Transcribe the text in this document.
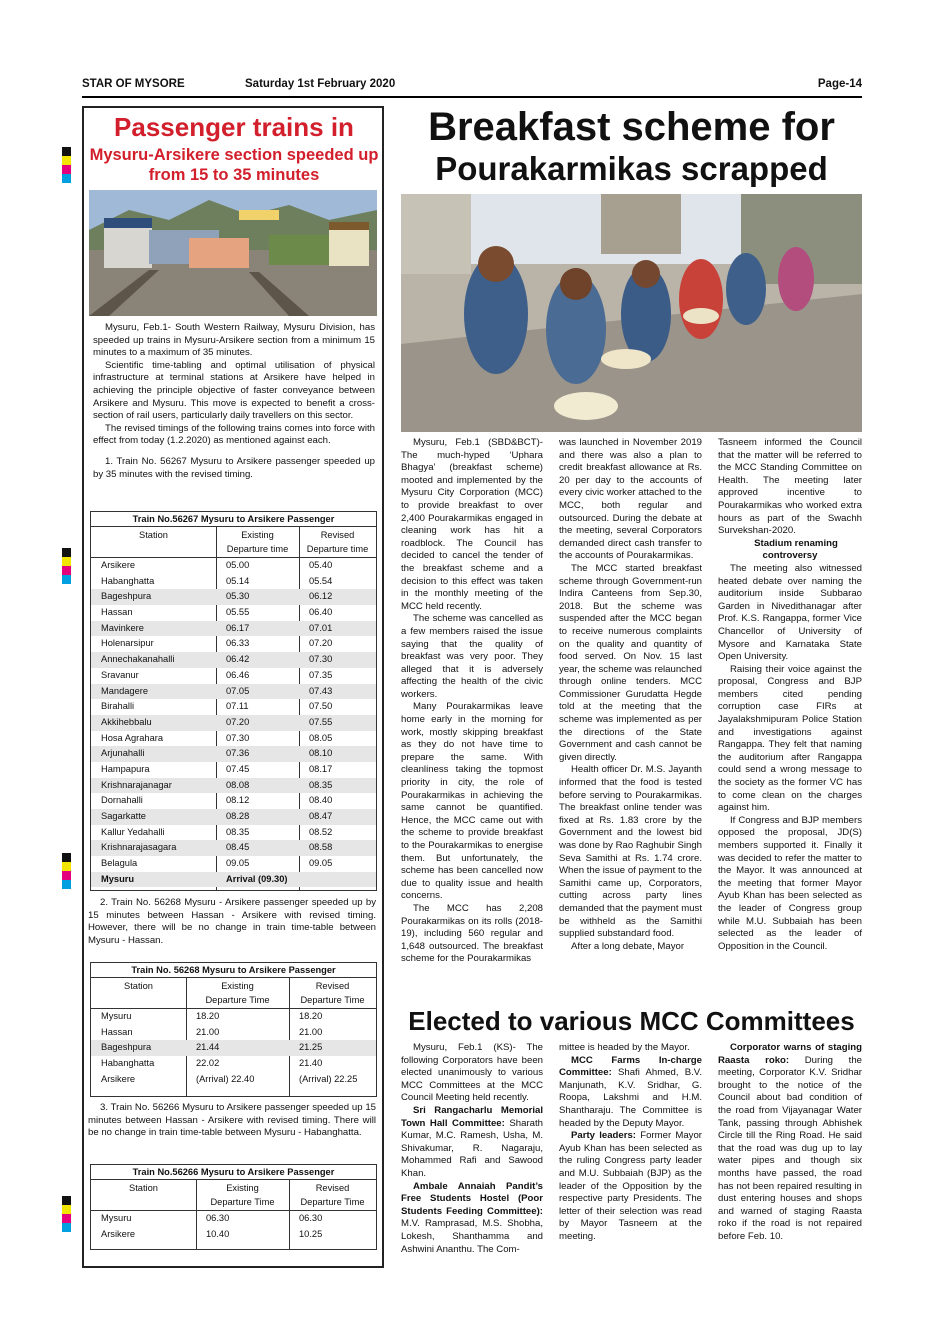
STAR OF MYSORE	Saturday 1st February 2020	Page-14
Passenger trains in
Mysuru-Arsikere section speeded up from 15 to 35 minutes

Mysuru, Feb.1- South Western Railway, Mysuru Division, has speeded up trains in Mysuru-Arsikere section from a minimum 15 minutes to a maximum of 35 minutes.

Scientific time-tabling and optimal utilisation of physical infrastructure at terminal stations at Arsikere have helped in achieving the principle objective of faster conveyance between Arsikere and Mysuru. This move is expected to benefit a cross-section of rail users, particularly daily travellers on this sector.

The revised timings of the following trains comes into force with effect from today (1.2.2020) as mentioned against each.

1. Train No. 56267 Mysuru to Arsikere passenger speeded up by 35 minutes with the revised timing.

Train No.56267 Mysuru to Arsikere Passenger
Station	Existing	Revised
Departure time	Departure time
Arsikere	05.00	05.40
Habanghatta	05.14	05.54
Bageshpura	05.30	06.12
Hassan	05.55	06.40
Mavinkere	06.17	07.01
Holenarsipur	06.33	07.20
Annechakanahalli	06.42	07.30
Sravanur	06.46	07.35
Mandagere	07.05	07.43
Birahalli	07.11	07.50
Akkihebbalu	07.20	07.55
Hosa Agrahara	07.30	08.05
Arjunahalli	07.36	08.10
Hampapura	07.45	08.17
Krishnarajanagar	08.08	08.35
Dornahalli	08.12	08.40
Sagarkatte	08.28	08.47
Kallur Yedahalli	08.35	08.52
Krishnarajasagara	08.45	08.58
Belagula	09.05	09.05
Mysuru	Arrival (09.30)

2. Train No. 56268 Mysuru - Arsikere passenger speeded up by 15 minutes between Hassan - Arsikere with revised timing. However, there will be no change in train time-table between Mysuru - Hassan.

Train No. 56268 Mysuru to Arsikere Passenger
Station	Existing	Revised
Departure Time	Departure Time
Mysuru	18.20	18.20
Hassan	21.00	21.00
Bageshpura	21.44	21.25
Habanghatta	22.02	21.40
Arsikere	(Arrival) 22.40	(Arrival) 22.25

3. Train No. 56266 Mysuru to Arsikere passenger speeded up 15 minutes between Hassan - Arsikere with revised timing. There will be no change in train time-table between Mysuru - Habanghatta.

Train No.56266 Mysuru to Arsikere Passenger
Station	Existing	Revised
Departure Time	Departure Time
Mysuru	06.30	06.30
Arsikere	10.40	10.25
Breakfast scheme for
Pourakarmikas scrapped

Mysuru, Feb.1 (SBD&BCT)- The much-hyped ‘Uphara Bhagya’ (breakfast scheme) mooted and implemented by the Mysuru City Corporation (MCC) to provide breakfast to over 2,400 Pourakarmikas engaged in cleaning work has hit a roadblock. The Council has decided to cancel the tender of the breakfast scheme and a decision to this effect was taken in the monthly meeting of the MCC held recently.

The scheme was cancelled as a few members raised the issue saying that the quality of breakfast was very poor. They alleged that it is adversely affecting the health of the civic workers.

Many Pourakarmikas leave home early in the morning for work, mostly skipping breakfast as they do not have time to prepare the same. With cleanliness taking the topmost priority in city, the role of Pourakarmikas in achieving the same cannot be quantified. Hence, the MCC came out with the scheme to provide breakfast to the Pourakarmikas to energise them. But unfortunately, the scheme has been cancelled now due to quality issue and health concerns.

The MCC has 2,208 Pourakarmikas on its rolls (2018-19), including 560 regular and 1,648 outsourced. The breakfast scheme for the Pourakarmikas

was launched in November 2019 and there was also a plan to credit breakfast allowance at Rs. 20 per day to the accounts of every civic worker attached to the MCC, both regular and outsourced. During the debate at the meeting, several Corporators demanded direct cash transfer to the accounts of Pourakarmikas.

The MCC started breakfast scheme through Government-run Indira Canteens from Sep.30, 2018. But the scheme was suspended after the MCC began to receive numerous complaints on the quality and quantity of food served. On Nov. 15 last year, the scheme was relaunched through online tenders. MCC Commissioner Gurudatta Hegde told at the meeting that the scheme was implemented as per the directions of the State Government and cash cannot be given directly.

Health officer Dr. M.S. Jayanth informed that the food is tested before serving to Pourakarmikas. The breakfast online tender was fixed at Rs. 1.83 crore by the Government and the lowest bid was done by Rao Raghubir Singh Seva Samithi at Rs. 1.74 crore. When the issue of payment to the Samithi came up, Corporators, cutting across party lines demanded that the payment must be withheld as the Samithi supplied substandard food.

After a long debate, Mayor

Tasneem informed the Council that the matter will be referred to the MCC Standing Committee on Health. The meeting later approved incentive to Pourakarmikas who worked extra hours as part of the Swachh Survekshan-2020.

Stadium renaming controversy

The meeting also witnessed heated debate over naming the auditorium inside Subbarao Garden in Nivedithanagar after Prof. K.S. Rangappa, former Vice Chancellor of University of Mysore and Karnataka State Open University.

Raising their voice against the proposal, Congress and BJP members cited pending corruption case FIRs at Jayalakshmipuram Police Station and investigations against Rangappa. They felt that naming the auditorium after Rangappa could send a wrong message to the society as the former VC has to come clean on the charges against him.

If Congress and BJP members opposed the proposal, JD(S) members supported it. Finally it was decided to refer the matter to the Mayor. It was announced at the meeting that former Mayor Ayub Khan has been selected as the leader of Congress group while M.U. Subbaiah has been selected as the leader of Opposition in the Council.

Elected to various MCC Committees

Mysuru, Feb.1 (KS)- The following Corporators have been elected unanimously to various MCC Committees at the MCC Council Meeting held recently.

Sri Rangacharlu Memorial Town Hall Committee: Sharath Kumar, M.C. Ramesh, Usha, M. Shivakumar, R. Nagaraju, Mohammed Rafi and Sawood Khan.

Ambale Annaiah Pandit’s Free Students Hostel (Poor Students Feeding Committee): M.V. Ramprasad, M.S. Shobha, Lokesh, Shanthamma and Ashwini Ananthu. The Com-

mittee is headed by the Mayor.

MCC Farms In-charge Committee: Shafi Ahmed, B.V. Manjunath, K.V. Sridhar, G. Roopa, Lakshmi and H.M. Shantharaju. The Committee is headed by the Deputy Mayor.

Party leaders: Former Mayor Ayub Khan has been selected as the ruling Congress party leader and M.U. Subbaiah (BJP) as the leader of the Opposition by the respective party Presidents. The letter of their selection was read by Mayor Tasneem at the meeting.

Corporator warns of staging Raasta roko: During the meeting, Corporator K.V. Sridhar brought to the notice of the Council about bad condition of the road from Vijayanagar Water Tank, passing through Abhishek Circle till the Ring Road. He said that the road was dug up to lay water pipes and though six months have passed, the road has not been repaired resulting in dust entering houses and shops and warned of staging Raasta roko if the road is not repaired before Feb. 10.
